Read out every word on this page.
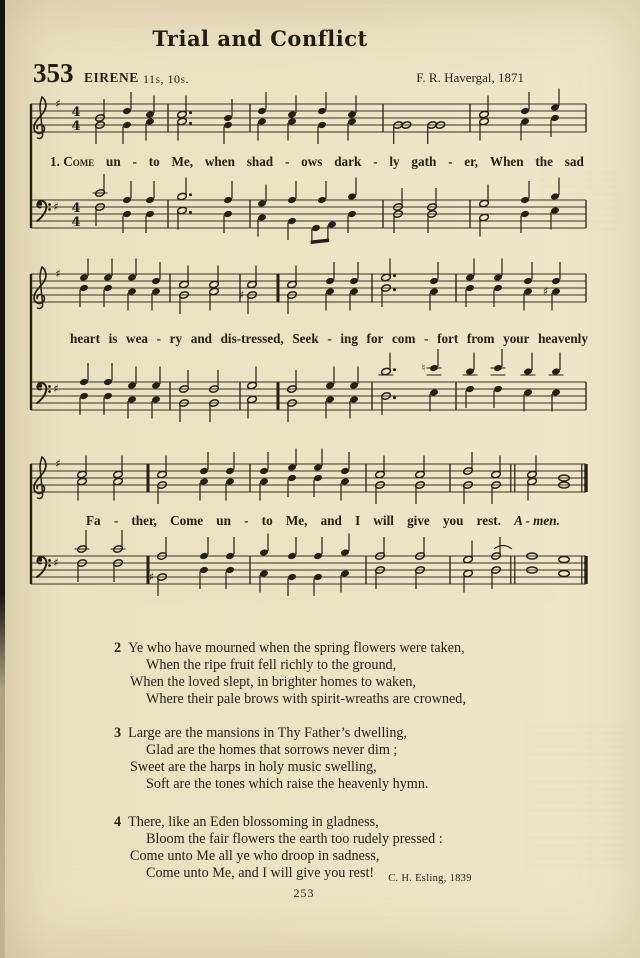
Trial and Conflict
353 EIRENE 11s, 10s.	F. R. Havergal, 1871
♯
♯
4
4
4
4
♯
♯
♯	♯
♮
♯
♯
♯
1. Come un - to Me, when shad - ows dark - ly gath - er, When the sad
heart is wea - ry and dis-tressed, Seek - ing for com - fort from your heavenly
Fa - ther, Come un - to Me, and I will give you rest. A - men.
2 Ye who have mourned when the spring flowers were taken,
When the ripe fruit fell richly to the ground,
When the loved slept, in brighter homes to waken,
Where their pale brows with spirit-wreaths are crowned,
3 Large are the mansions in Thy Father’s dwelling,
Glad are the homes that sorrows never dim ;
Sweet are the harps in holy music swelling,
Soft are the tones which raise the heavenly hymn.
4 There, like an Eden blossoming in gladness,
Bloom the fair flowers the earth too rudely pressed :
Come unto Me all ye who droop in sadness,
Come unto Me, and I will give you rest!	C. H. Esling, 1839
253
